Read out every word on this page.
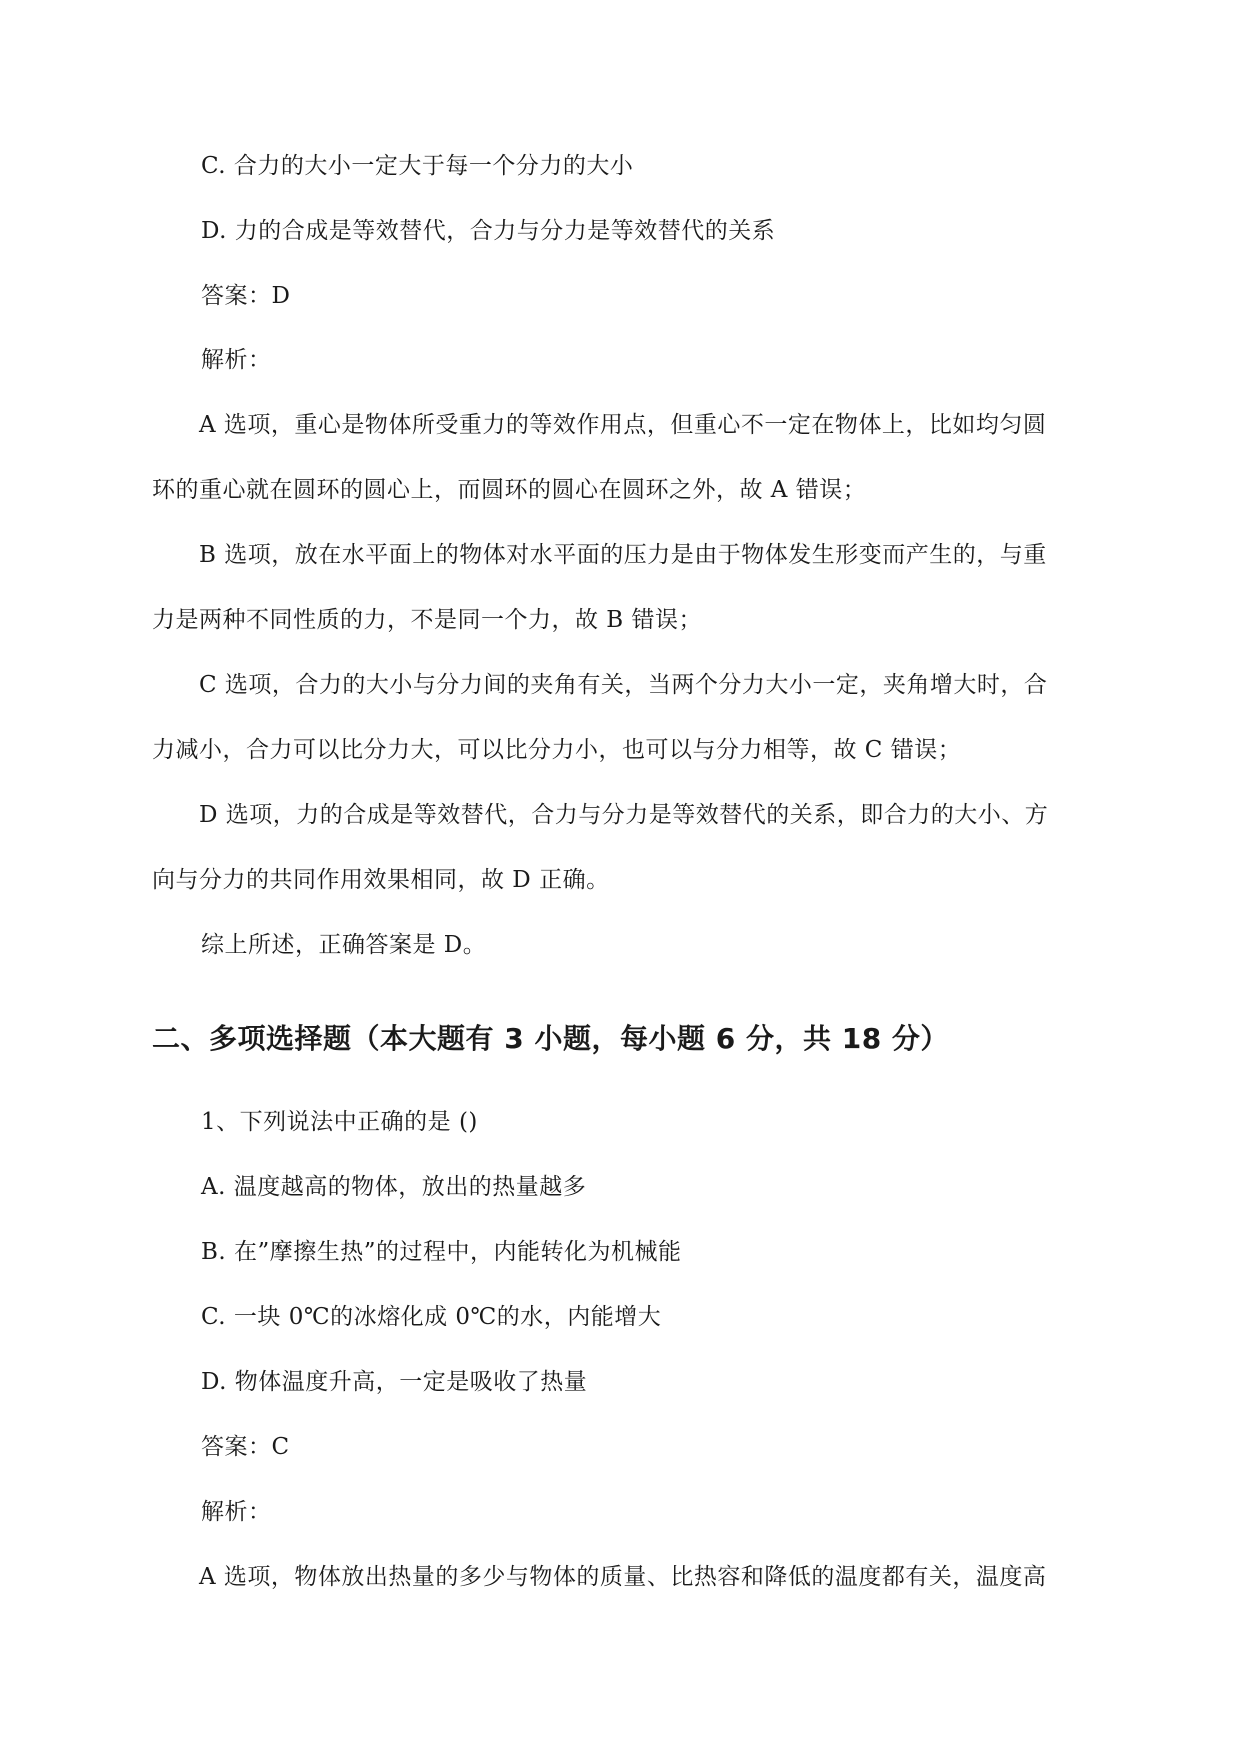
C. 合力的大小一定大于每一个分力的大小
D. 力的合成是等效替代，合力与分力是等效替代的关系
答案：D
解析：
A 选项，重心是物体所受重力的等效作用点，但重心不一定在物体上，比如均匀圆
环的重心就在圆环的圆心上，而圆环的圆心在圆环之外，故 A 错误；
B 选项，放在水平面上的物体对水平面的压力是由于物体发生形变而产生的，与重
力是两种不同性质的力，不是同一个力，故 B 错误；
C 选项，合力的大小与分力间的夹角有关，当两个分力大小一定，夹角增大时，合
力减小，合力可以比分力大，可以比分力小，也可以与分力相等，故 C 错误；
D 选项，力的合成是等效替代，合力与分力是等效替代的关系，即合力的大小、方
向与分力的共同作用效果相同，故 D 正确。
综上所述，正确答案是 D。
二、多项选择题（本大题有 3 小题，每小题 6 分，共 18 分）
1、下列说法中正确的是 ()
A. 温度越高的物体，放出的热量越多
B. 在”摩擦生热”的过程中，内能转化为机械能
C. 一块 0℃的冰熔化成 0℃的水，内能增大
D. 物体温度升高，一定是吸收了热量
答案：C
解析：
A 选项，物体放出热量的多少与物体的质量、比热容和降低的温度都有关，温度高
